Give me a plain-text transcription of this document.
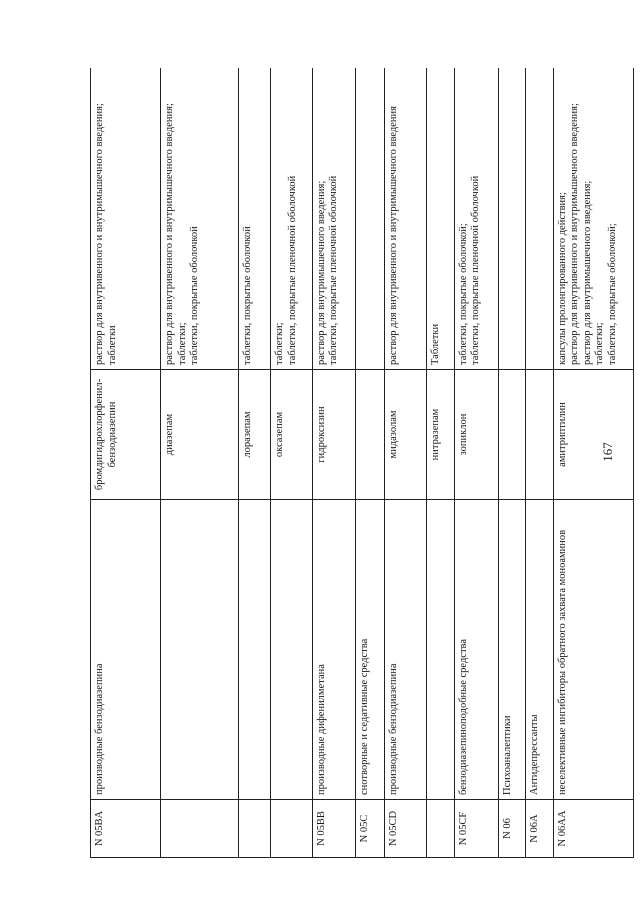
N 05BA	производные бензодиазепина	бромдигидрохлорфенил-бензодиазепин	раствор для внутривенного и внутримышечного введения;
таблетки
		диазепам	раствор для внутривенного и внутримышечного введения;
таблетки;
таблетки, покрытые оболочкой
		лоразепам	таблетки, покрытые оболочкой
		оксазепам	таблетки;
таблетки, покрытые пленочной оболочкой
N 05BB	производные дифенилметана	гидроксизин	раствор для внутримышечного введения;
таблетки, покрытые пленочной оболочкой
N 05C	снотворные и седативные средства		
N 05CD	производные бензодиазепина	мидазолам	раствор для внутривенного и внутримышечного введения
		нитразепам	Таблетки
N 05CF	бензодиазепиноподобные средства	зопиклон	таблетки, покрытые оболочкой;
таблетки, покрытые пленочной оболочкой
N 06	Психоаналептики		
N 06A	Антидепрессанты		
N 06AA	неселективные ингибиторы обратного захвата моноаминов	амитриптилин	капсулы пролонгированного действия;
раствор для внутривенного и внутримышечного введения;
раствор для внутримышечного введения;
таблетки;
таблетки, покрытые оболочкой;
167
